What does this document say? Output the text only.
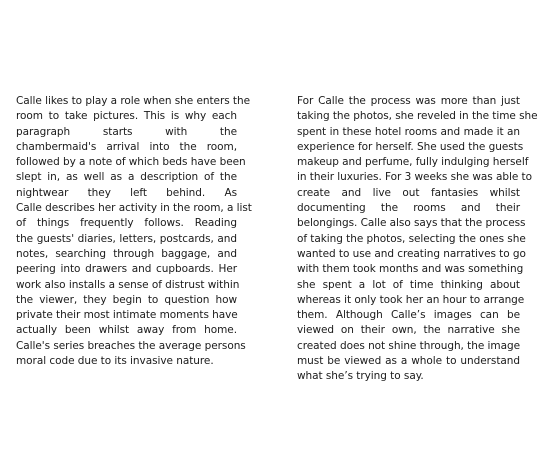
Calle likes to play a role when she enters the
room to take pictures. This is why each
paragraph starts with the
chambermaid's arrival into the room,
followed by a note of which beds have been
slept in, as well as a description of the
nightwear they left behind. As
Calle describes her activity in the room, a list
of things frequently follows. Reading
the guests' diaries, letters, postcards, and
notes, searching through baggage, and
peering into drawers and cupboards. Her
work also installs a sense of distrust within
the viewer, they begin to question how
private their most intimate moments have
actually been whilst away from home.
Calle's series breaches the average persons
moral code due to its invasive nature.
For Calle the process was more than just
taking the photos, she reveled in the time she
spent in these hotel rooms and made it an
experience for herself. She used the guests
makeup and perfume, fully indulging herself
in their luxuries. For 3 weeks she was able to
create and live out fantasies whilst
documenting the rooms and their
belongings. Calle also says that the process
of taking the photos, selecting the ones she
wanted to use and creating narratives to go
with them took months and was something
she spent a lot of time thinking about
whereas it only took her an hour to arrange
them. Although Calle’s images can be
viewed on their own, the narrative she
created does not shine through, the image
must be viewed as a whole to understand
what she’s trying to say.
